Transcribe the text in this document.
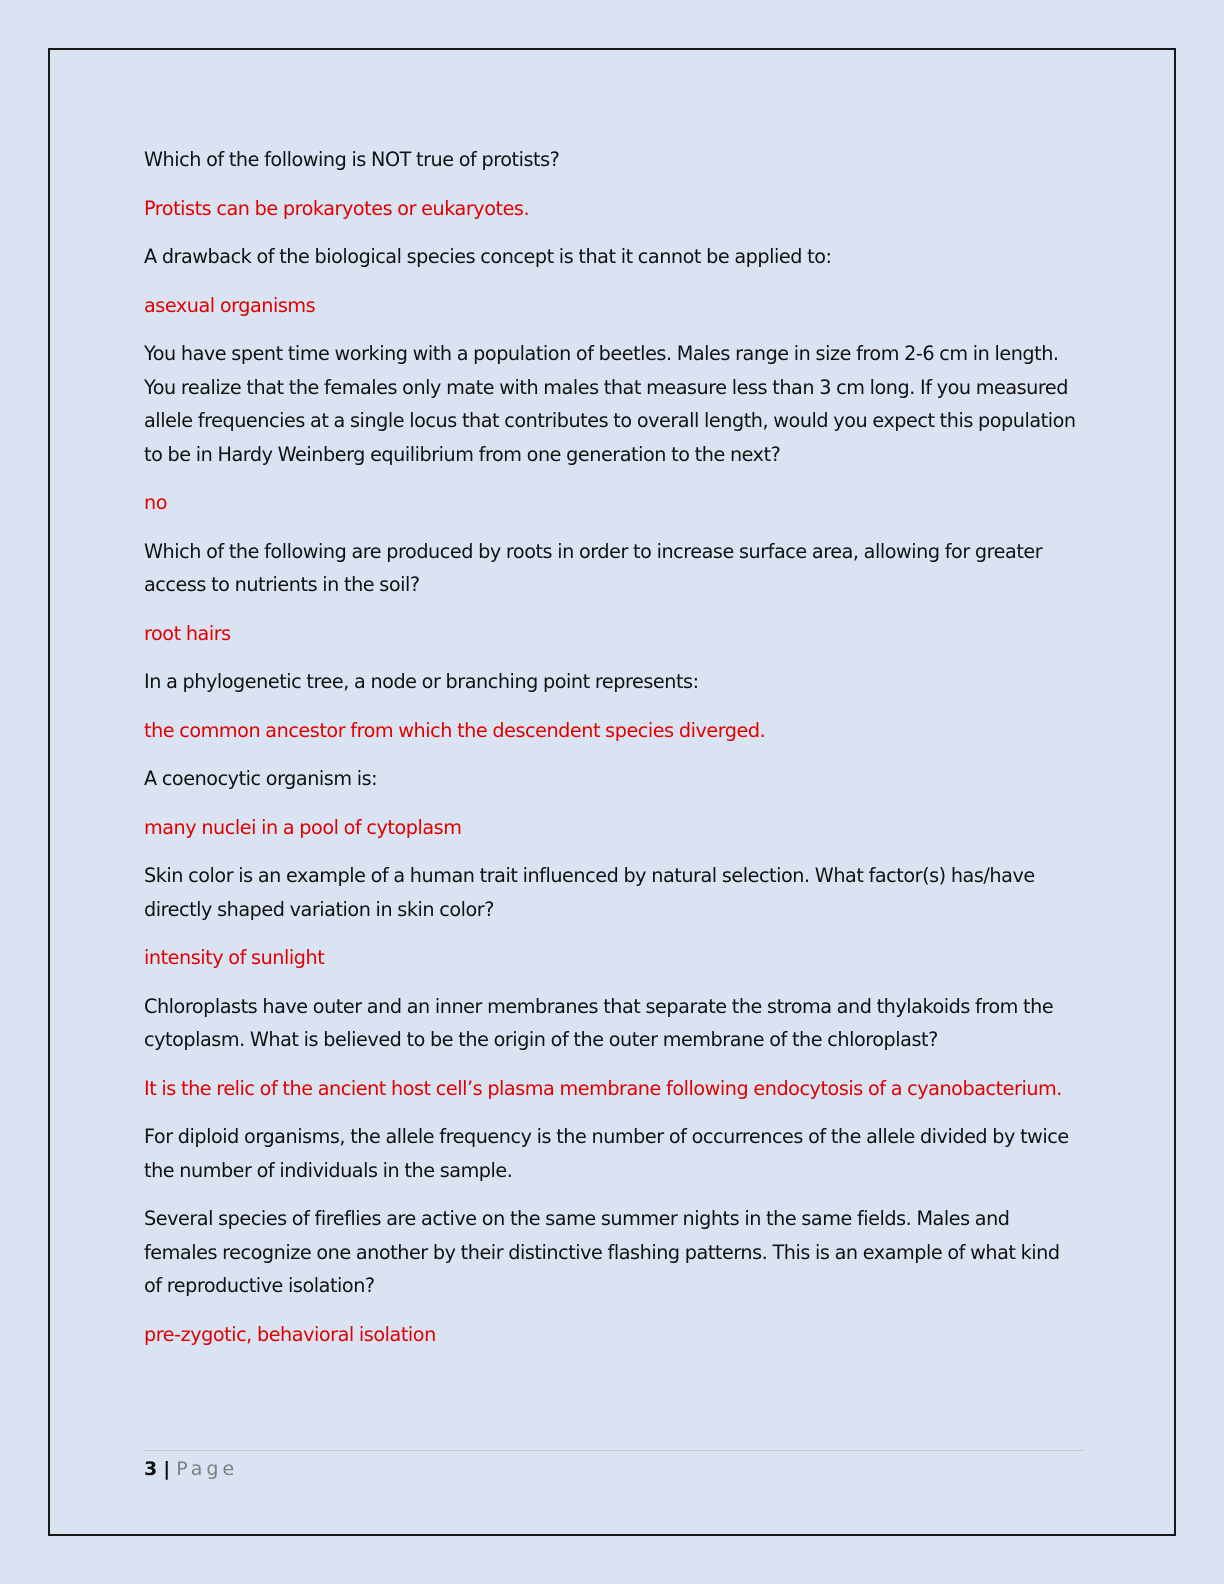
Which of the following is NOT true of protists?

Protists can be prokaryotes or eukaryotes.

A drawback of the biological species concept is that it cannot be applied to:

asexual organisms

You have spent time working with a population of beetles. Males range in size from 2-6 cm in length. You realize that the females only mate with males that measure less than 3 cm long. If you measured allele frequencies at a single locus that contributes to overall length, would you expect this population to be in Hardy Weinberg equilibrium from one generation to the next?

no

Which of the following are produced by roots in order to increase surface area, allowing for greater access to nutrients in the soil?

root hairs

In a phylogenetic tree, a node or branching point represents:

the common ancestor from which the descendent species diverged.

A coenocytic organism is:

many nuclei in a pool of cytoplasm

Skin color is an example of a human trait influenced by natural selection. What factor(s) has/have directly shaped variation in skin color?

intensity of sunlight

Chloroplasts have outer and an inner membranes that separate the stroma and thylakoids from the cytoplasm. What is believed to be the origin of the outer membrane of the chloroplast?

It is the relic of the ancient host cell’s plasma membrane following endocytosis of a cyanobacterium.

For diploid organisms, the allele frequency is the number of occurrences of the allele divided by twice the number of individuals in the sample.

Several species of fireflies are active on the same summer nights in the same fields. Males and females recognize one another by their distinctive flashing patterns. This is an example of what kind of reproductive isolation?

pre-zygotic, behavioral isolation

3 | Page
